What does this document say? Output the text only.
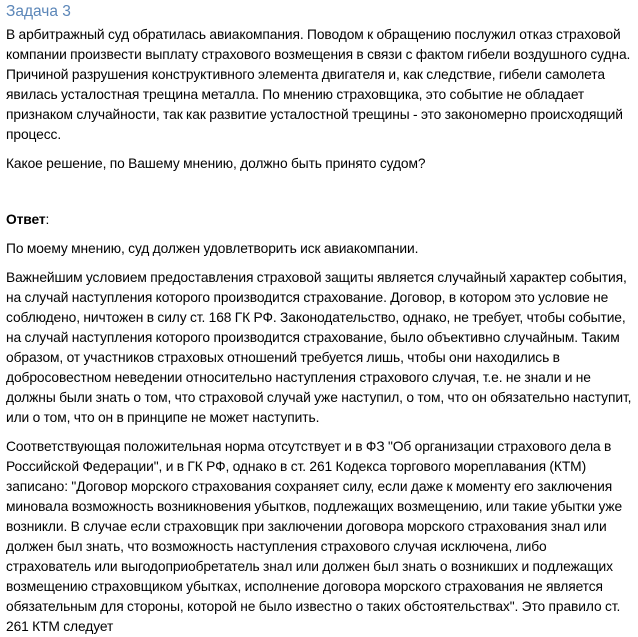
Задача 3

В арбитражный суд обратилась авиакомпания. Поводом к обращению послужил отказ страховой компании произвести выплату страхового возмещения в связи с фактом гибели воздушного судна. Причиной разрушения конструктивного элемента двигателя и, как следствие, гибели самолета явилась усталостная трещина металла. По мнению страховщика, это событие не обладает признаком случайности, так как развитие усталостной трещины - это закономерно происходящий процесс.

Какое решение, по Вашему мнению, должно быть принято судом?

Ответ:

По моему мнению, суд должен удовлетворить иск авиакомпании.

Важнейшим условием предоставления страховой защиты является случайный характер события, на случай наступления которого производится страхование. Договор, в котором это условие не соблюдено, ничтожен в силу ст. 168 ГК РФ. Законодательство, однако, не требует, чтобы событие, на случай наступления которого производится страхование, было объективно случайным. Таким образом, от участников страховых отношений требуется лишь, чтобы они находились в добросовестном неведении относительно наступления страхового случая, т.е. не знали и не должны были знать о том, что страховой случай уже наступил, о том, что он обязательно наступит, или о том, что он в принципе не может наступить.

Соответствующая положительная норма отсутствует и в ФЗ "Об организации страхового дела в Российской Федерации", и в ГК РФ, однако в ст. 261 Кодекса торгового мореплавания (КТМ) записано: "Договор морского страхования сохраняет силу, если даже к моменту его заключения миновала возможность возникновения убытков, подлежащих возмещению, или такие убытки уже возникли. В случае если страховщик при заключении договора морского страхования знал или должен был знать, что возможность наступления страхового случая исключена, либо страхователь или выгодоприобретатель знал или должен был знать о возникших и подлежащих возмещению страховщиком убытках, исполнение договора морского страхования не является обязательным для стороны, которой не было известно о таких обстоятельствах". Это правило ст. 261 КТМ следует
